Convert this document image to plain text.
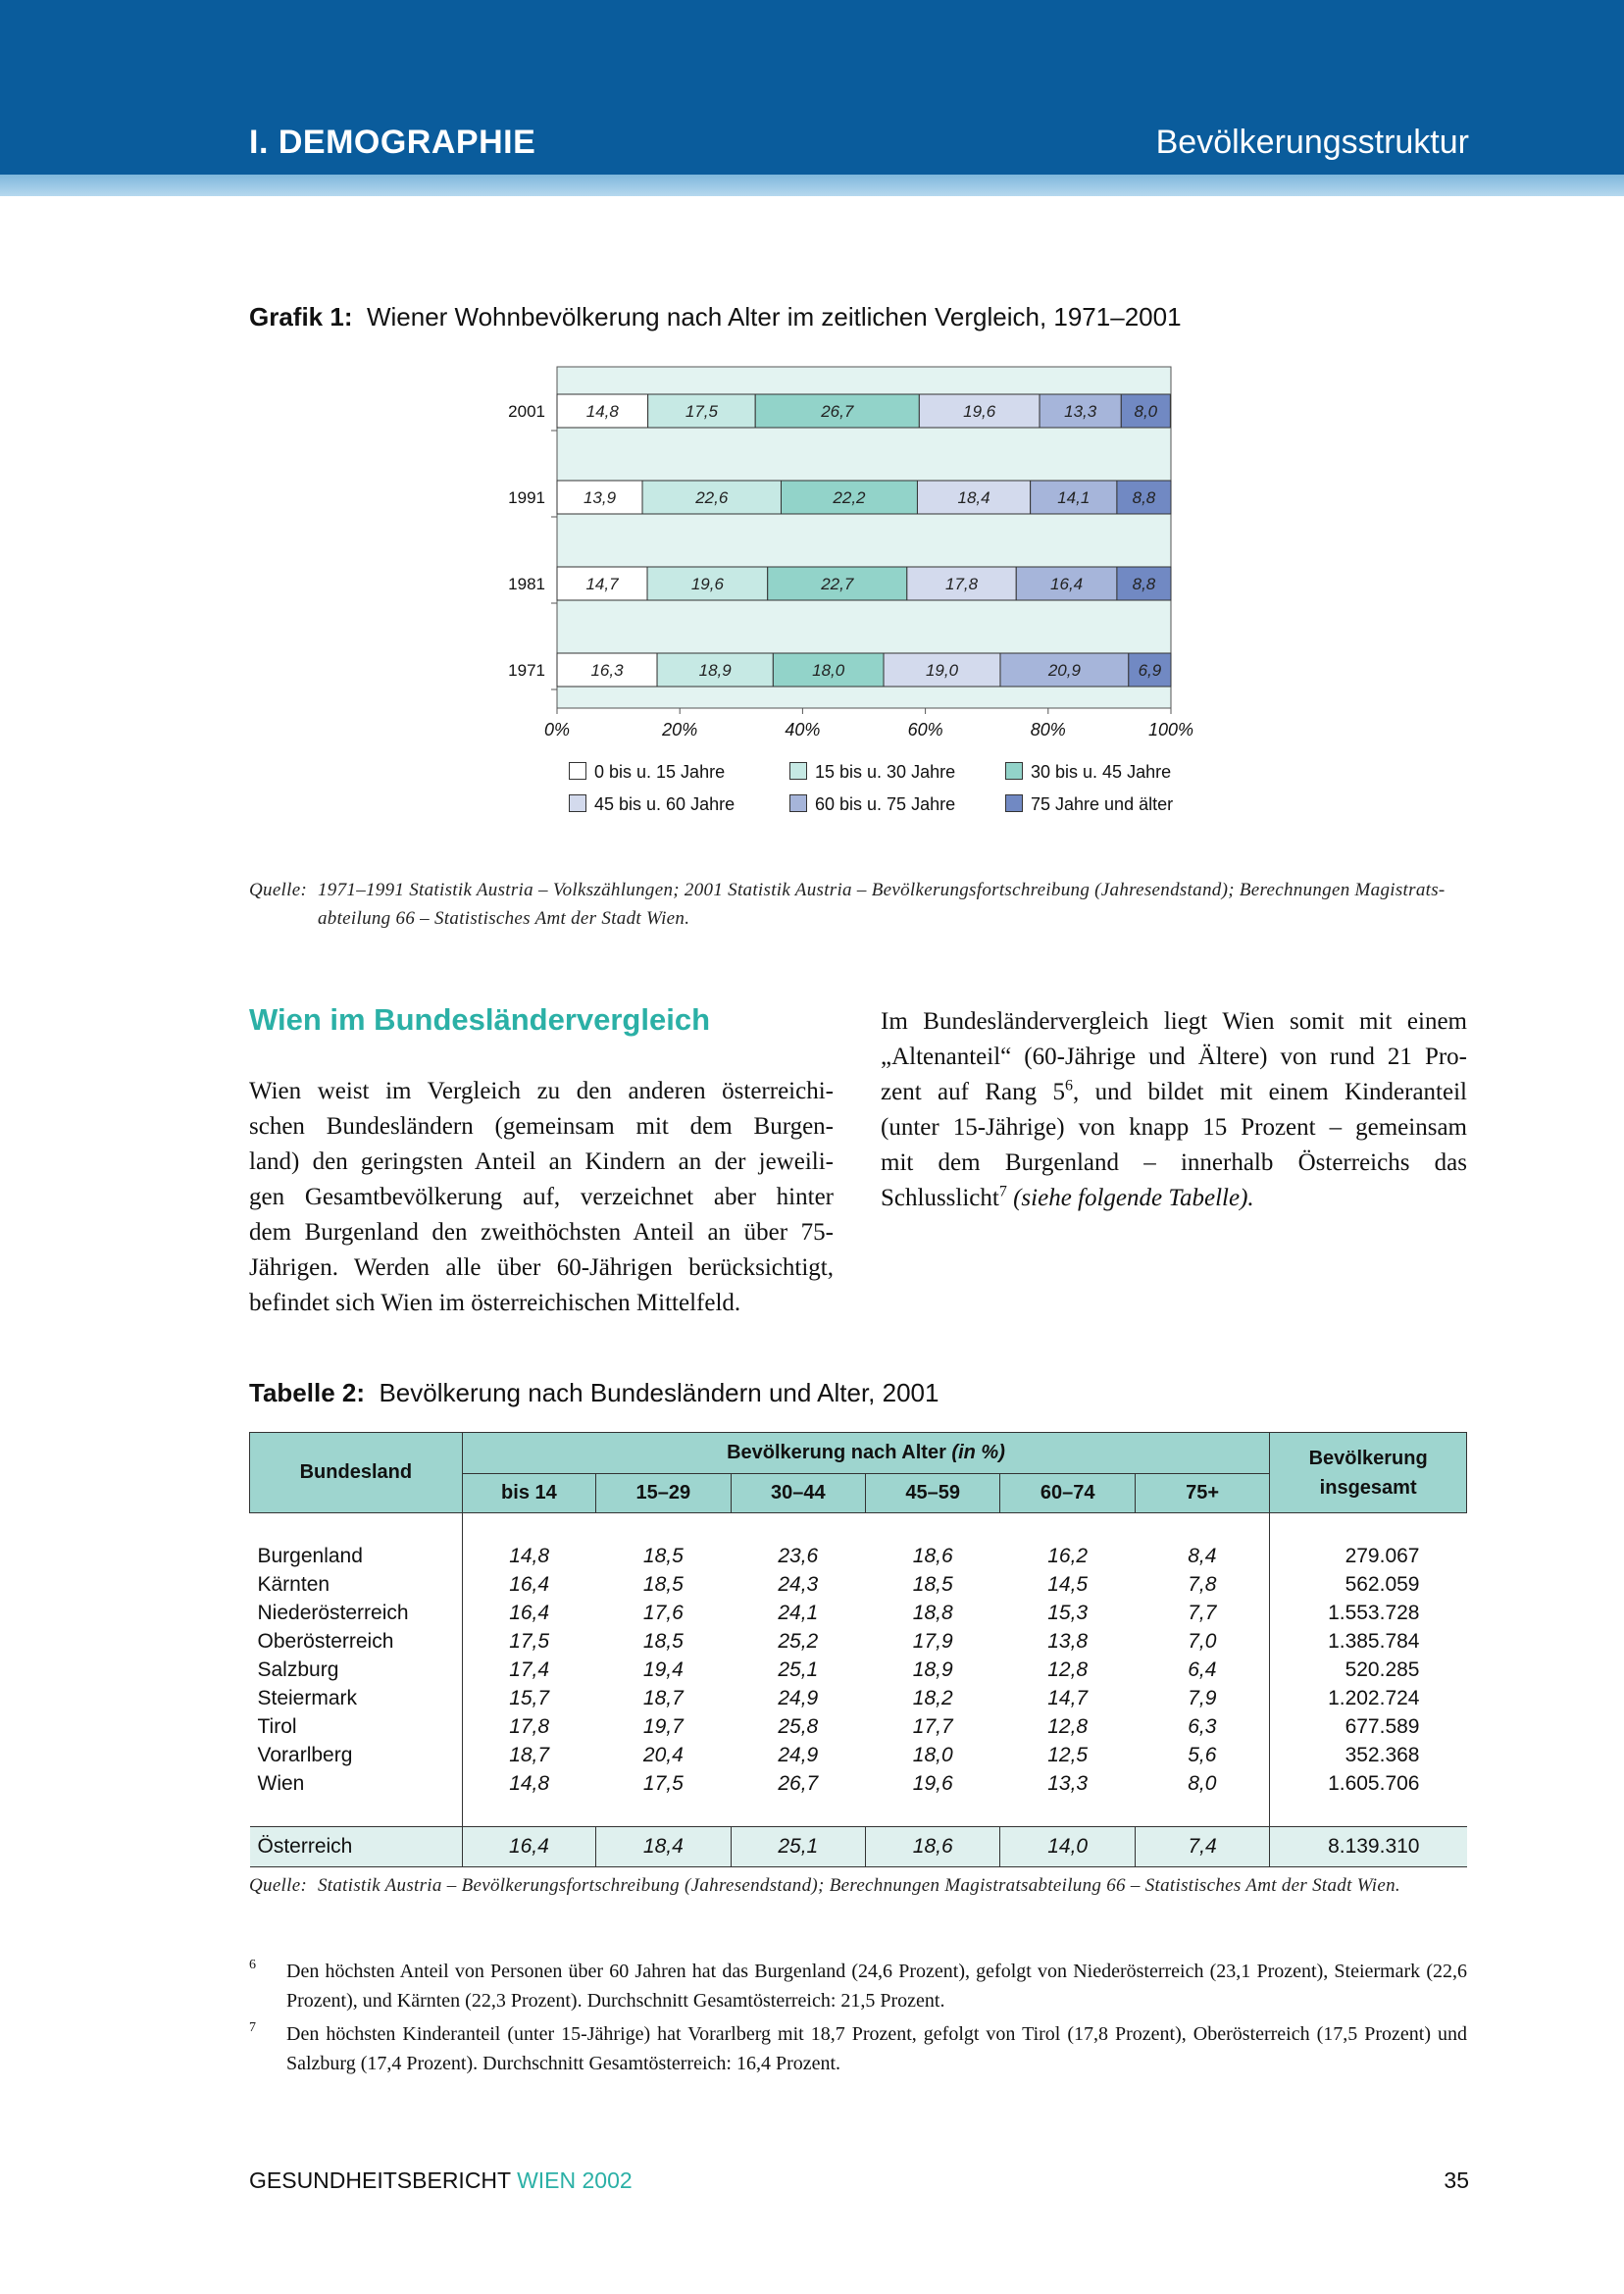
I. DEMOGRAPHIE	Bevölkerungsstruktur
Grafik 1: Wiener Wohnbevölkerung nach Alter im zeitlichen Vergleich, 1971–2001
2001 14,8	17,5	26,7	19,6	13,3 8,0
1991 13,9	22,6	22,2	18,4	14,1	8,8
1981 14,7	19,6	22,7	17,8	16,4	8,8
1971	16,3	18,9	18,0	19,0	20,9	6,9
0%	20%	40%	60%	80%	100%
0 bis u. 15 Jahre	15 bis u. 30 Jahre	30 bis u. 45 Jahre
45 bis u. 60 Jahre	60 bis u. 75 Jahre	75 Jahre und älter
Quelle: 1971–1991 Statistik Austria – Volkszählungen; 2001 Statistik Austria – Bevölkerungsfortschreibung (Jahresendstand); Berechnungen Magistrats-
abteilung 66 – Statistisches Amt der Stadt Wien.
Wien im Bundesländervergleich
Wien weist im Vergleich zu den anderen österreichi-
schen Bundesländern (gemeinsam mit dem Burgen-
land) den geringsten Anteil an Kindern an der jeweili-
gen Gesamtbevölkerung auf, verzeichnet aber hinter
dem Burgenland den zweithöchsten Anteil an über 75-
Jährigen. Werden alle über 60-Jährigen berücksichtigt,
befindet sich Wien im österreichischen Mittelfeld.
Im Bundesländervergleich liegt Wien somit mit einem
„Altenanteil“ (60-Jährige und Ältere) von rund 21 Pro-
zent auf Rang $5^6$, und bildet mit einem Kinderanteil
(unter 15-Jährige) von knapp 15 Prozent – gemeinsam
mit dem Burgenland – innerhalb Österreichs das
Schlusslicht$^7$ (siehe folgende Tabelle).
Tabelle 2: Bevölkerung nach Bundesländern und Alter, 2001
Bundesland	Bevölkerung nach Alter (in %)						Bevölkerung
insgesamt
	bis 14	15–29	30–44	45–59	60–74	75+	

Burgenland	14,8	18,5	23,6	18,6	16,2	8,4	279.067
Kärnten	16,4	18,5	24,3	18,5	14,5	7,8	562.059
Niederösterreich	16,4	17,6	24,1	18,8	15,3	7,7	1.553.728
Oberösterreich	17,5	18,5	25,2	17,9	13,8	7,0	1.385.784
Salzburg	17,4	19,4	25,1	18,9	12,8	6,4	520.285
Steiermark	15,7	18,7	24,9	18,2	14,7	7,9	1.202.724
Tirol	17,8	19,7	25,8	17,7	12,8	6,3	677.589
Vorarlberg	18,7	20,4	24,9	18,0	12,5	5,6	352.368
Wien	14,8	17,5	26,7	19,6	13,3	8,0	1.605.706

Österreich	16,4	18,4	25,1	18,6	14,0	7,4	8.139.310
Quelle: Statistik Austria – Bevölkerungsfortschreibung (Jahresendstand); Berechnungen Magistratsabteilung 66 – Statistisches Amt der Stadt Wien.
6 Den höchsten Anteil von Personen über 60 Jahren hat das Burgenland (24,6 Prozent), gefolgt von Niederösterreich (23,1 Prozent), Steiermark (22,6 Prozent), und Kärnten (22,3 Prozent). Durchschnitt Gesamtösterreich: 21,5 Prozent.
7 Den höchsten Kinderanteil (unter 15-Jährige) hat Vorarlberg mit 18,7 Prozent, gefolgt von Tirol (17,8 Prozent), Oberösterreich (17,5 Prozent) und Salzburg (17,4 Prozent). Durchschnitt Gesamtösterreich: 16,4 Prozent.
GESUNDHEITSBERICHT WIEN 2002	35
